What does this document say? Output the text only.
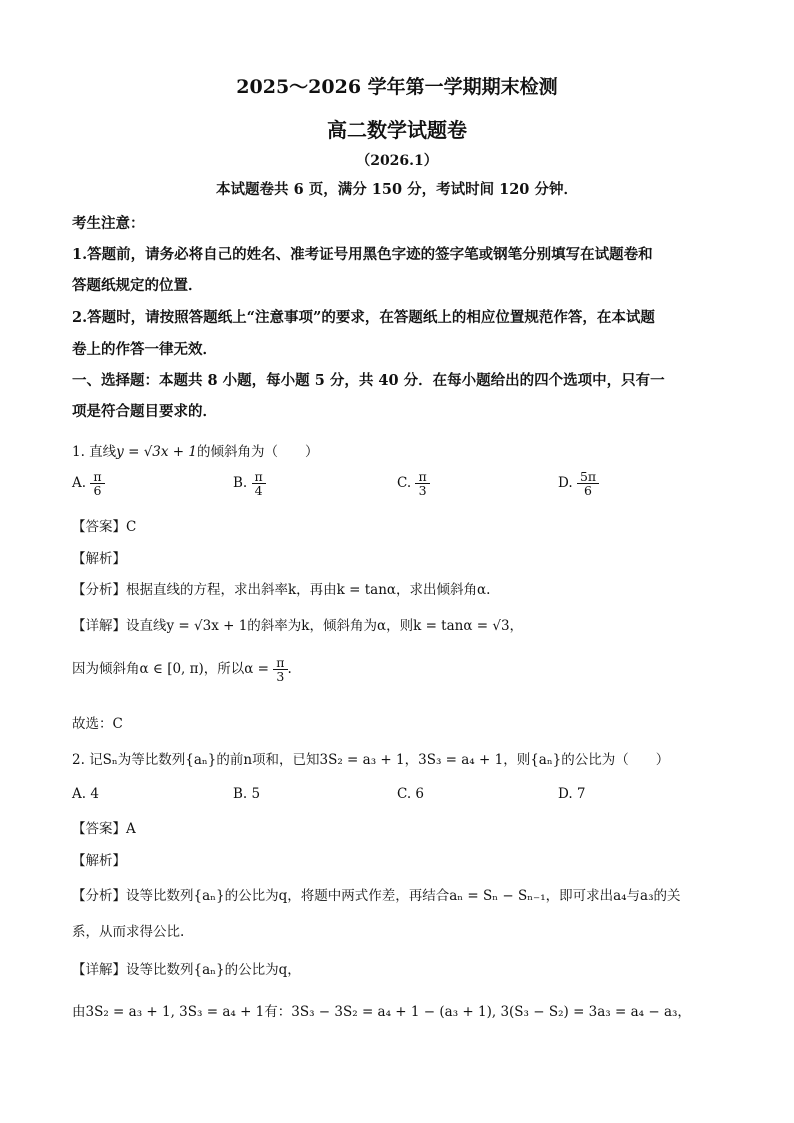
2025～2026 学年第一学期期末检测
高二数学试题卷
（2026.1）
本试题卷共 6 页，满分 150 分，考试时间 120 分钟．
考生注意：
1.答题前，请务必将自己的姓名、准考证号用黑色字迹的签字笔或钢笔分别填写在试题卷和
答题纸规定的位置．
2.答题时，请按照答题纸上“注意事项”的要求，在答题纸上的相应位置规范作答，在本试题
卷上的作答一律无效．
一、选择题：本题共 8 小题，每小题 5 分，共 40 分．在每小题给出的四个选项中，只有一
项是符合题目要求的．
1. 直线y = √3x + 1的倾斜角为（　　）
A. $\frac{\pi}{6}$	B. $\frac{\pi}{4}$	C. $\frac{\pi}{3}$	D. $\frac{5\pi}{6}$
【答案】C
【解析】
【分析】根据直线的方程，求出斜率k，再由k = tanα，求出倾斜角α.
【详解】设直线y = √3x + 1的斜率为k，倾斜角为α，则k = tanα = √3，
因为倾斜角α ∈ [0, π)，所以$\alpha = \frac{\pi}{3}$ .
故选：C
2. 记Sₙ为等比数列{aₙ}的前n项和，已知3S₂ = a₃ + 1，3S₃ = a₄ + 1，则{aₙ}的公比为（　　）
A. 4	B. 5	C. 6	D. 7
【答案】A
【解析】
【分析】设等比数列{aₙ}的公比为q，将题中两式作差，再结合aₙ = Sₙ − Sₙ₋₁，即可求出a₄与a₃的关
系，从而求得公比.
【详解】设等比数列{aₙ}的公比为q，
由3S₂ = a₃ + 1, 3S₃ = a₄ + 1有：3S₃ − 3S₂ = a₄ + 1 − (a₃ + 1), 3(S₃ − S₂) = 3a₃ = a₄ − a₃，
